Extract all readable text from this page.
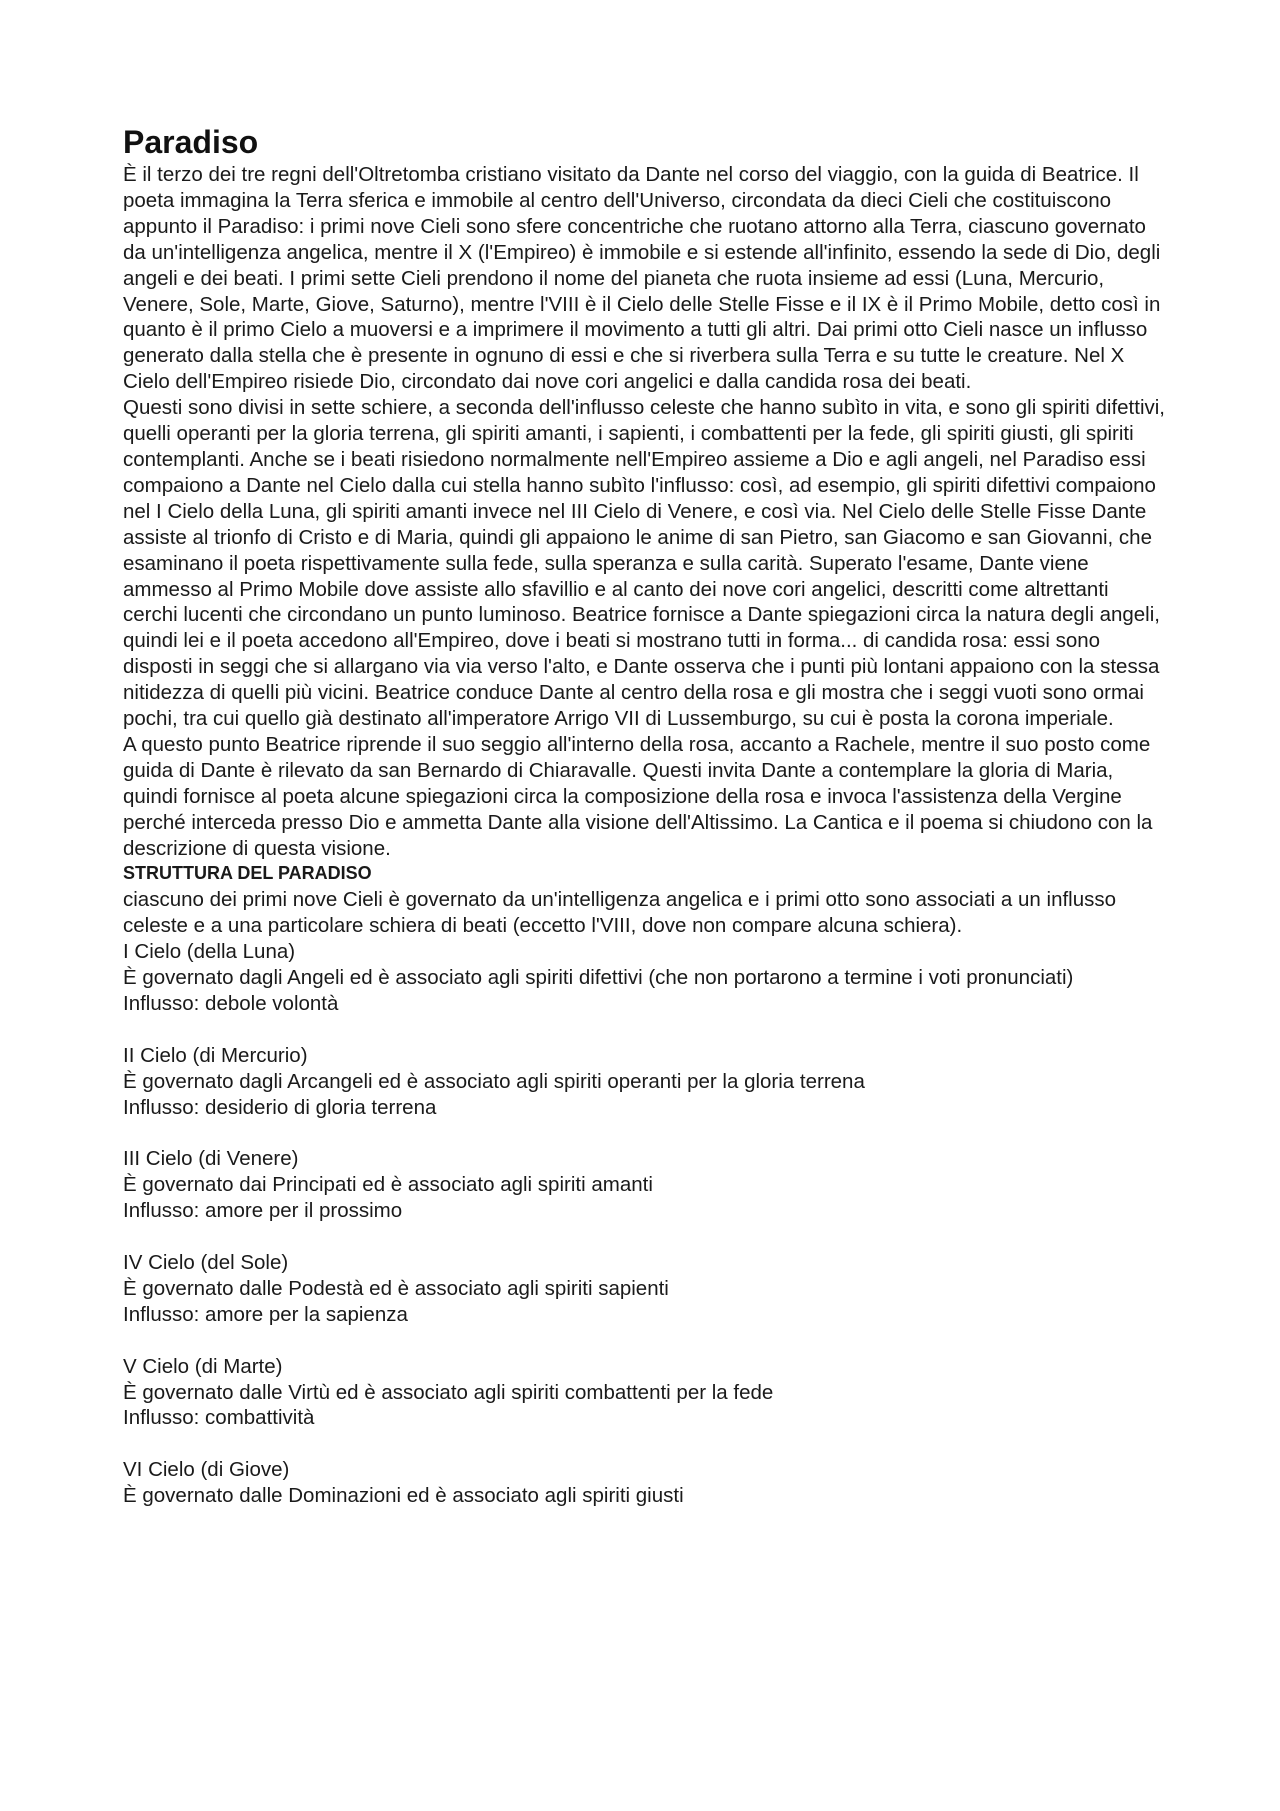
Paradiso

È il terzo dei tre regni dell'Oltretomba cristiano visitato da Dante nel corso del viaggio, con la guida di Beatrice. Il poeta immagina la Terra sferica e immobile al centro dell'Universo, circondata da dieci Cieli che costituiscono appunto il Paradiso: i primi nove Cieli sono sfere concentriche che ruotano attorno alla Terra, ciascuno governato da un'intelligenza angelica, mentre il X (l'Empireo) è immobile e si estende all'infinito, essendo la sede di Dio, degli angeli e dei beati. I primi sette Cieli prendono il nome del pianeta che ruota insieme ad essi (Luna, Mercurio, Venere, Sole, Marte, Giove, Saturno), mentre l'VIII è il Cielo delle Stelle Fisse e il IX è il Primo Mobile, detto così in quanto è il primo Cielo a muoversi e a imprimere il movimento a tutti gli altri. Dai primi otto Cieli nasce un influsso generato dalla stella che è presente in ognuno di essi e che si riverbera sulla Terra e su tutte le creature. Nel X Cielo dell'Empireo risiede Dio, circondato dai nove cori angelici e dalla candida rosa dei beati.

Questi sono divisi in sette schiere, a seconda dell'influsso celeste che hanno subìto in vita, e sono gli spiriti difettivi, quelli operanti per la gloria terrena, gli spiriti amanti, i sapienti, i combattenti per la fede, gli spiriti giusti, gli spiriti contemplanti. Anche se i beati risiedono normalmente nell'Empireo assieme a Dio e agli angeli, nel Paradiso essi compaiono a Dante nel Cielo dalla cui stella hanno subìto l'influsso: così, ad esempio, gli spiriti difettivi compaiono nel I Cielo della Luna, gli spiriti amanti invece nel III Cielo di Venere, e così via. Nel Cielo delle Stelle Fisse Dante assiste al trionfo di Cristo e di Maria, quindi gli appaiono le anime di san Pietro, san Giacomo e san Giovanni, che esaminano il poeta rispettivamente sulla fede, sulla speranza e sulla carità. Superato l'esame, Dante viene ammesso al Primo Mobile dove assiste allo sfavillio e al canto dei nove cori angelici, descritti come altrettanti cerchi lucenti che circondano un punto luminoso. Beatrice fornisce a Dante spiegazioni circa la natura degli angeli, quindi lei e il poeta accedono all'Empireo, dove i beati si mostrano tutti in forma... di candida rosa: essi sono disposti in seggi che si allargano via via verso l'alto, e Dante osserva che i punti più lontani appaiono con la stessa nitidezza di quelli più vicini. Beatrice conduce Dante al centro della rosa e gli mostra che i seggi vuoti sono ormai pochi, tra cui quello già destinato all'imperatore Arrigo VII di Lussemburgo, su cui è posta la corona imperiale.

A questo punto Beatrice riprende il suo seggio all'interno della rosa, accanto a Rachele, mentre il suo posto come guida di Dante è rilevato da san Bernardo di Chiaravalle. Questi invita Dante a contemplare la gloria di Maria, quindi fornisce al poeta alcune spiegazioni circa la composizione della rosa e invoca l'assistenza della Vergine perché interceda presso Dio e ammetta Dante alla visione dell'Altissimo. La Cantica e il poema si chiudono con la descrizione di questa visione.

STRUTTURA DEL PARADISO

ciascuno dei primi nove Cieli è governato da un'intelligenza angelica e i primi otto sono associati a un influsso celeste e a una particolare schiera di beati (eccetto l'VIII, dove non compare alcuna schiera).

I Cielo (della Luna)

È governato dagli Angeli ed è associato agli spiriti difettivi (che non portarono a termine i voti pronunciati)

Influsso: debole volontà

II Cielo (di Mercurio)

È governato dagli Arcangeli ed è associato agli spiriti operanti per la gloria terrena

Influsso: desiderio di gloria terrena

III Cielo (di Venere)

È governato dai Principati ed è associato agli spiriti amanti

Influsso: amore per il prossimo

IV Cielo (del Sole)

È governato dalle Podestà ed è associato agli spiriti sapienti

Influsso: amore per la sapienza

V Cielo (di Marte)

È governato dalle Virtù ed è associato agli spiriti combattenti per la fede

Influsso: combattività

VI Cielo (di Giove)

È governato dalle Dominazioni ed è associato agli spiriti giusti
